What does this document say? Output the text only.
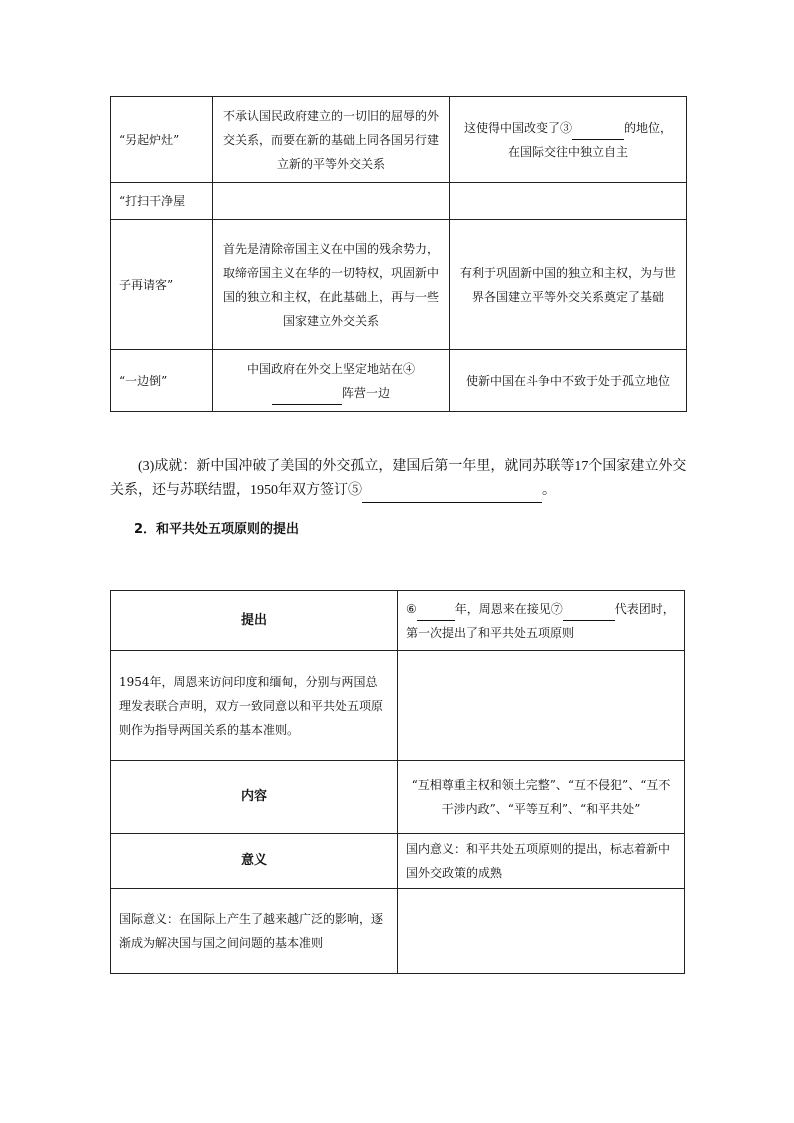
“另起炉灶”	不承认国民政府建立的一切旧的屈辱的外交关系，而要在新的基础上同各国另行建立新的平等外交关系	这使得中国改变了③ 的地位，在国际交往中独立自主
“打扫干净屋		
子再请客”	首先是清除帝国主义在中国的残余势力，取缔帝国主义在华的一切特权，巩固新中国的独立和主权，在此基础上，再与一些国家建立外交关系	有利于巩固新中国的独立和主权，为与世界各国建立平等外交关系奠定了基础
“一边倒”	中国政府在外交上坚定地站在④阵营一边	使新中国在斗争中不致于处于孤立地位

(3)成就：新中国冲破了美国的外交孤立，建国后第一年里，就同苏联等17个国家建立外交关系，还与苏联结盟，1950年双方签订⑤	。

2．和平共处五项原则的提出

提出	⑥ 年，周恩来在接见⑦ 代表团时，第一次提出了和平共处五项原则
1954年，周恩来访问印度和缅甸，分别与两国总理发表联合声明，双方一致同意以和平共处五项原则作为指导两国关系的基本准则。	
内容	“互相尊重主权和领土完整”、“互不侵犯”、“互不干涉内政”、“平等互利”、“和平共处”
意义	国内意义：和平共处五项原则的提出，标志着新中国外交政策的成熟
国际意义：在国际上产生了越来越广泛的影响，逐渐成为解决国与国之间问题的基本准则	
